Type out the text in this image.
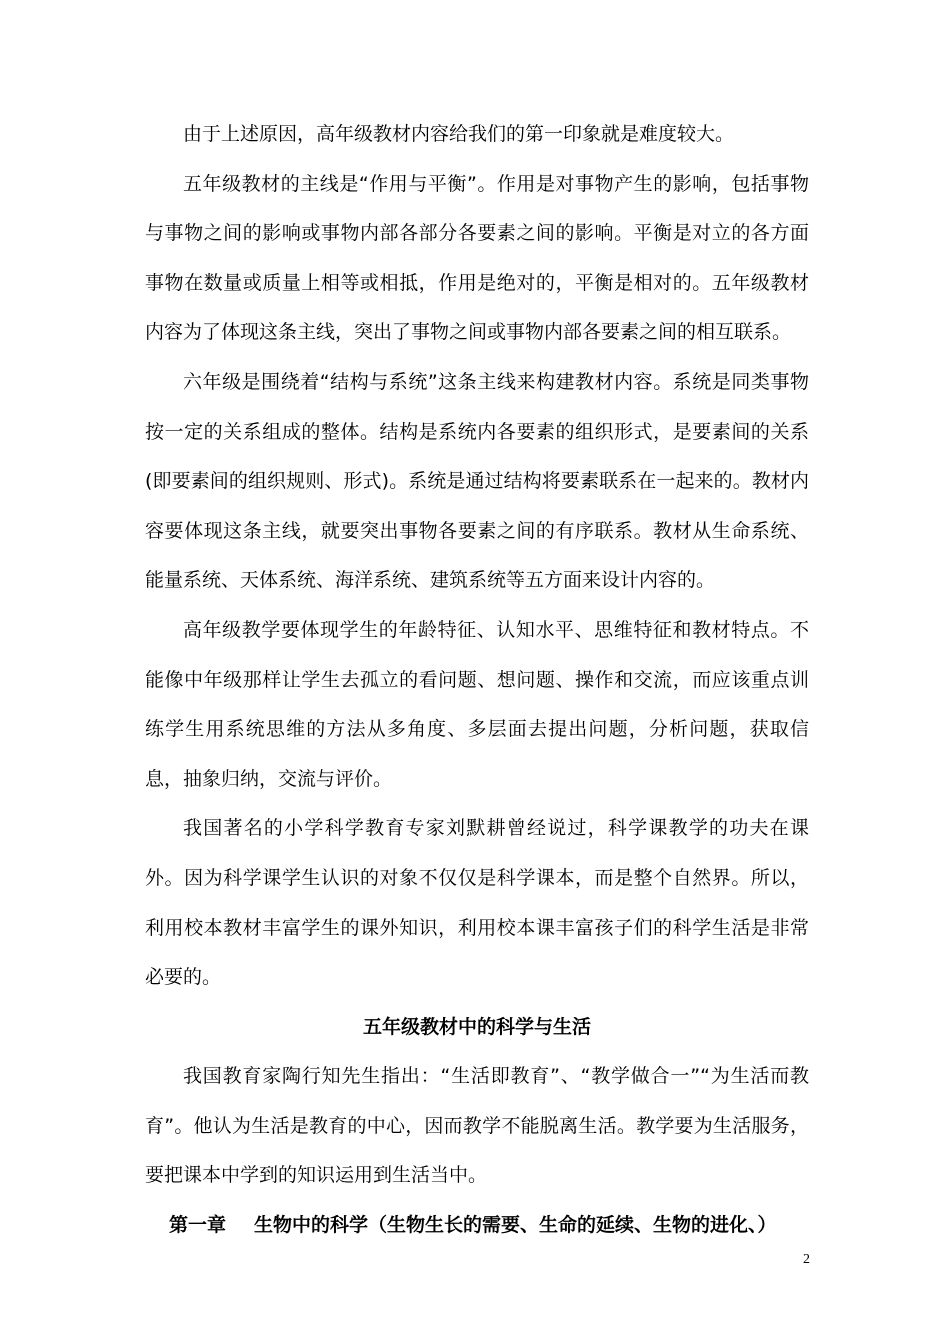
由于上述原因，高年级教材内容给我们的第一印象就是难度较大。

五年级教材的主线是“作用与平衡”。作用是对事物产生的影响，包括事物与事物之间的影响或事物内部各部分各要素之间的影响。平衡是对立的各方面事物在数量或质量上相等或相抵，作用是绝对的，平衡是相对的。五年级教材内容为了体现这条主线，突出了事物之间或事物内部各要素之间的相互联系。

六年级是围绕着“结构与系统”这条主线来构建教材内容。系统是同类事物按一定的关系组成的整体。结构是系统内各要素的组织形式，是要素间的关系(即要素间的组织规则、形式)。系统是通过结构将要素联系在一起来的。教材内容要体现这条主线，就要突出事物各要素之间的有序联系。教材从生命系统、能量系统、天体系统、海洋系统、建筑系统等五方面来设计内容的。

高年级教学要体现学生的年龄特征、认知水平、思维特征和教材特点。不能像中年级那样让学生去孤立的看问题、想问题、操作和交流，而应该重点训练学生用系统思维的方法从多角度、多层面去提出问题，分析问题，获取信息，抽象归纳，交流与评价。

我国著名的小学科学教育专家刘默耕曾经说过，科学课教学的功夫在课外。因为科学课学生认识的对象不仅仅是科学课本，而是整个自然界。所以，利用校本教材丰富学生的课外知识，利用校本课丰富孩子们的科学生活是非常必要的。

五年级教材中的科学与生活

我国教育家陶行知先生指出：“生活即教育”、“教学做合一”“为生活而教育”。他认为生活是教育的中心，因而教学不能脱离生活。教学要为生活服务，要把课本中学到的知识运用到生活当中。

第一章 生物中的科学（生物生长的需要、生命的延续、生物的进化、）

2
